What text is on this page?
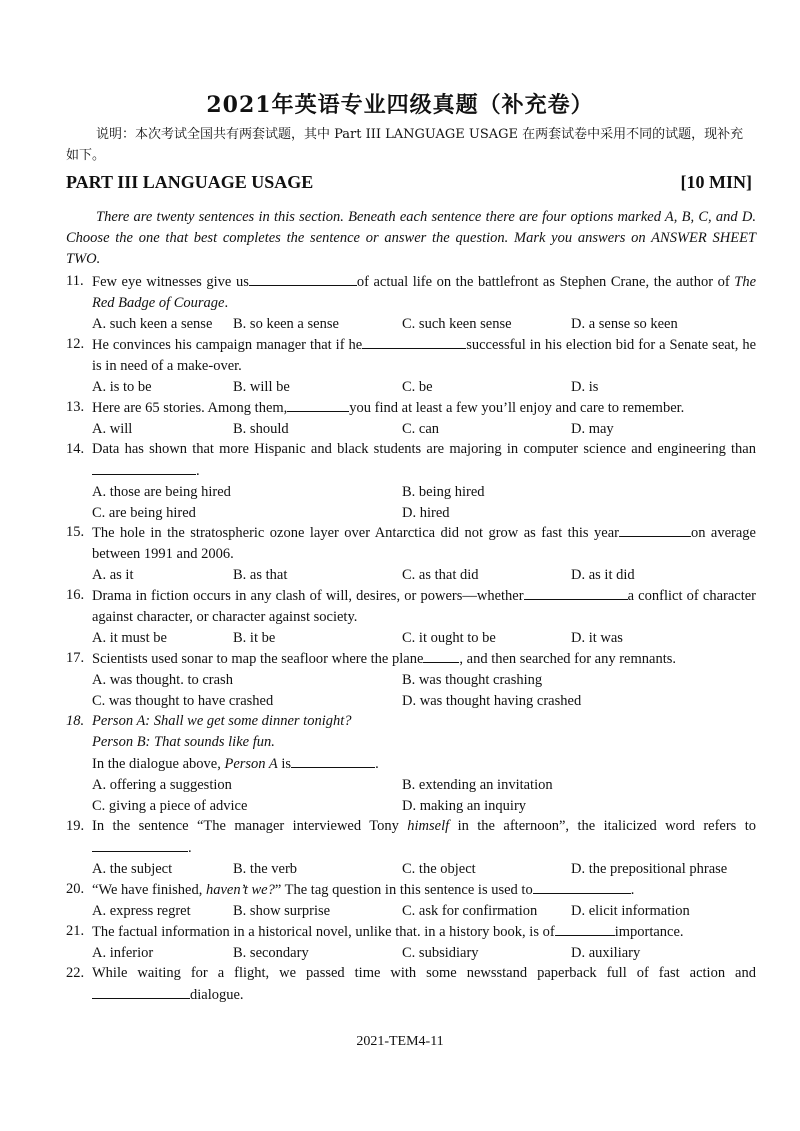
2021年英语专业四级真题（补充卷）
说明：本次考试全国共有两套试题，其中 Part III LANGUAGE USAGE 在两套试卷中采用不同的试题，现补充如下。
PART III LANGUAGE USAGE	[10 MIN]
There are twenty sentences in this section. Beneath each sentence there are four options marked A, B, C, and D. Choose the one that best completes the sentence or answer the question. Mark you answers on ANSWER SHEET TWO.
11. Few eye witnesses give us	of actual life on the battlefront as Stephen Crane, the author of The Red Badge of Courage.
A. such keen a sense	B. so keen a sense	C. such keen sense	D. a sense so keen
12. He convinces his campaign manager that if he	successful in his election bid for a Senate seat, he is in need of a make-over.
A. is to be	B. will be	C. be	D. is
13. Here are 65 stories. Among them,	you find at least a few you’ll enjoy and care to remember.
A. will	B. should	C. can	D. may
14. Data has shown that more Hispanic and black students are majoring in computer science and engineering than.
A. those are being hired	B. being hired
C. are being hired	D. hired
15. The hole in the stratospheric ozone layer over Antarctica did not grow as fast this year	on average between 1991 and 2006.
A. as it	B. as that	C. as that did	D. as it did
16. Drama in fiction occurs in any clash of will, desires, or powers—whether	a conflict of character against character, or character against society.
A. it must be	B. it be	C. it ought to be	D. it was
17. Scientists used sonar to map the seafloor where the plane , and then searched for any remnants.
A. was thought. to crash	B. was thought crashing
C. was thought to have crashed	D. was thought having crashed
18. Person A: Shall we get some dinner tonight?
Person B: That sounds like fun.
In the dialogue above, Person A is	.
A. offering a suggestion	B. extending an invitation
C. giving a piece of advice	D. making an inquiry
19. In the sentence “The manager interviewed Tony himself in the afternoon”, the italicized word refers to.
A. the subject	B. the verb	C. the object	D. the prepositional phrase
20. “We have finished, haven’t we?” The tag question in this sentence is used to	.
A. express regret	B. show surprise	C. ask for confirmation	D. elicit information
21. The factual information in a historical novel, unlike that. in a history book, is of	importance.
A. inferior	B. secondary	C. subsidiary	D. auxiliary
22. While waiting for a flight, we passed time with some newsstand paperback full of fast action and dialogue.
2021-TEM4-11
